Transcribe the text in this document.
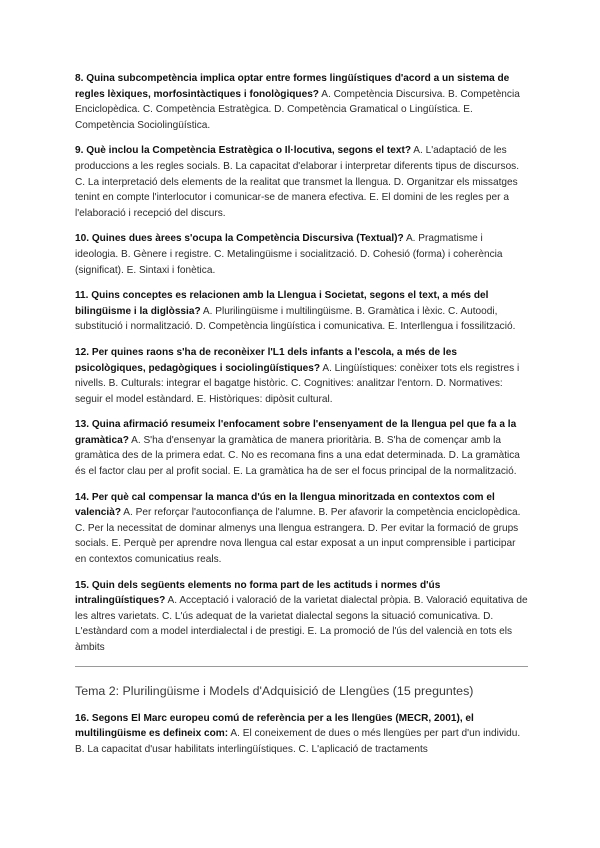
8. Quina subcompetència implica optar entre formes lingüístiques d'acord a un sistema de regles lèxiques, morfosintàctiques i fonològiques? A. Competència Discursiva. B. Competència Enciclopèdica. C. Competència Estratègica. D. Competència Gramatical o Lingüística. E. Competència Sociolingüística.

9. Què inclou la Competència Estratègica o Il·locutiva, segons el text? A. L'adaptació de les produccions a les regles socials. B. La capacitat d'elaborar i interpretar diferents tipus de discursos. C. La interpretació dels elements de la realitat que transmet la llengua. D. Organitzar els missatges tenint en compte l'interlocutor i comunicar-se de manera efectiva. E. El domini de les regles per a l'elaboració i recepció del discurs.

10. Quines dues àrees s'ocupa la Competència Discursiva (Textual)? A. Pragmatisme i ideologia. B. Gènere i registre. C. Metalingüisme i socialització. D. Cohesió (forma) i coherència (significat). E. Sintaxi i fonètica.

11. Quins conceptes es relacionen amb la Llengua i Societat, segons el text, a més del bilingüisme i la diglòssia? A. Plurilingüisme i multilingüisme. B. Gramàtica i lèxic. C. Autoodi, substitució i normalització. D. Competència lingüística i comunicativa. E. Interllengua i fossilització.

12. Per quines raons s'ha de reconèixer l'L1 dels infants a l'escola, a més de les psicològiques, pedagògiques i sociolingüístiques? A. Lingüístiques: conèixer tots els registres i nivells. B. Culturals: integrar el bagatge històric. C. Cognitives: analitzar l'entorn. D. Normatives: seguir el model estàndard. E. Històriques: dipòsit cultural.

13. Quina afirmació resumeix l'enfocament sobre l'ensenyament de la llengua pel que fa a la gramàtica? A. S'ha d'ensenyar la gramàtica de manera prioritària. B. S'ha de començar amb la gramàtica des de la primera edat. C. No es recomana fins a una edat determinada. D. La gramàtica és el factor clau per al profit social. E. La gramàtica ha de ser el focus principal de la normalització.

14. Per què cal compensar la manca d'ús en la llengua minoritzada en contextos com el valencià? A. Per reforçar l'autoconfiança de l'alumne. B. Per afavorir la competència enciclopèdica. C. Per la necessitat de dominar almenys una llengua estrangera. D. Per evitar la formació de grups socials. E. Perquè per aprendre nova llengua cal estar exposat a un input comprensible i participar en contextos comunicatius reals.

15. Quin dels següents elements no forma part de les actituds i normes d'ús intralingüístiques? A. Acceptació i valoració de la varietat dialectal pròpia. B. Valoració equitativa de les altres varietats. C. L'ús adequat de la varietat dialectal segons la situació comunicativa. D. L'estàndard com a model interdialectal i de prestigi. E. La promoció de l'ús del valencià en tots els àmbits

Tema 2: Plurilingüisme i Models d'Adquisició de Llengües (15 preguntes)

16. Segons El Marc europeu comú de referència per a les llengües (MECR, 2001), el multilingüisme es defineix com: A. El coneixement de dues o més llengües per part d'un individu. B. La capacitat d'usar habilitats interlingüístiques. C. L'aplicació de tractaments
